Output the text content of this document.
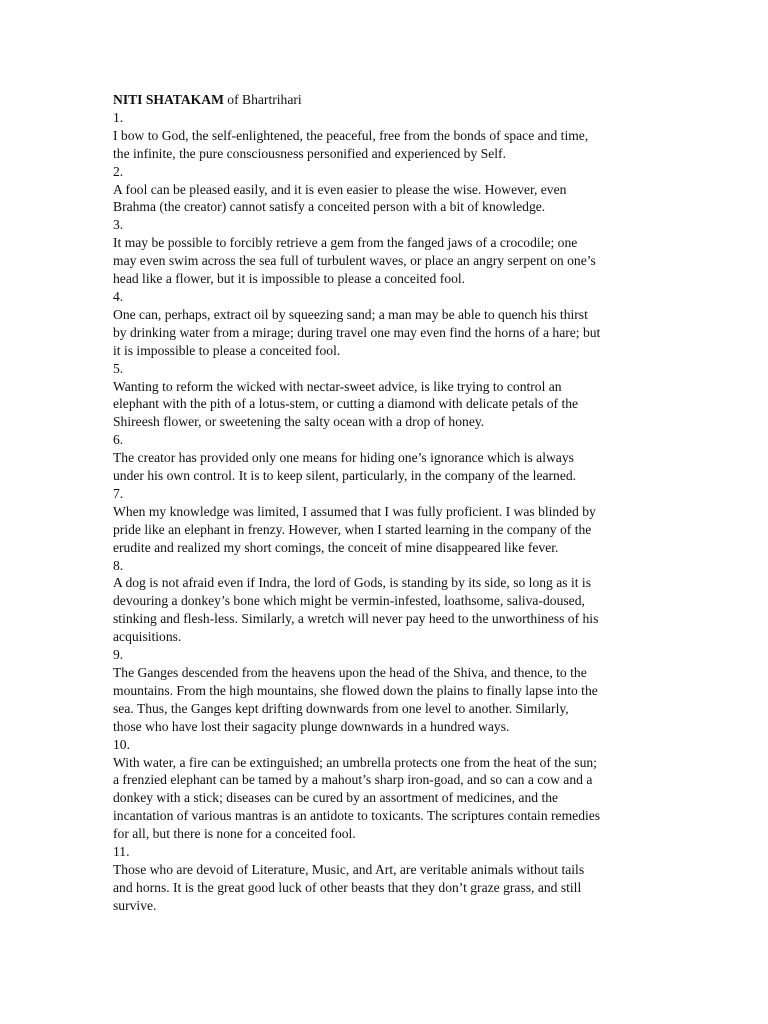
NITI SHATAKAM of Bhartrihari

1.

I bow to God, the self-enlightened, the peaceful, free from the bonds of space and time,

the infinite, the pure consciousness personified and experienced by Self.

2.

A fool can be pleased easily, and it is even easier to please the wise. However, even

Brahma (the creator) cannot satisfy a conceited person with a bit of knowledge.

3.

It may be possible to forcibly retrieve a gem from the fanged jaws of a crocodile; one

may even swim across the sea full of turbulent waves, or place an angry serpent on one’s

head like a flower, but it is impossible to please a conceited fool.

4.

One can, perhaps, extract oil by squeezing sand; a man may be able to quench his thirst

by drinking water from a mirage; during travel one may even find the horns of a hare; but

it is impossible to please a conceited fool.

5.

Wanting to reform the wicked with nectar-sweet advice, is like trying to control an

elephant with the pith of a lotus-stem, or cutting a diamond with delicate petals of the

Shireesh flower, or sweetening the salty ocean with a drop of honey.

6.

The creator has provided only one means for hiding one’s ignorance which is always

under his own control. It is to keep silent, particularly, in the company of the learned.

7.

When my knowledge was limited, I assumed that I was fully proficient. I was blinded by

pride like an elephant in frenzy. However, when I started learning in the company of the

erudite and realized my short comings, the conceit of mine disappeared like fever.

8.

A dog is not afraid even if Indra, the lord of Gods, is standing by its side, so long as it is

devouring a donkey’s bone which might be vermin-infested, loathsome, saliva-doused,

stinking and flesh-less. Similarly, a wretch will never pay heed to the unworthiness of his

acquisitions.

9.

The Ganges descended from the heavens upon the head of the Shiva, and thence, to the

mountains. From the high mountains, she flowed down the plains to finally lapse into the

sea. Thus, the Ganges kept drifting downwards from one level to another. Similarly,

those who have lost their sagacity plunge downwards in a hundred ways.

10.

With water, a fire can be extinguished; an umbrella protects one from the heat of the sun;

a frenzied elephant can be tamed by a mahout’s sharp iron-goad, and so can a cow and a

donkey with a stick; diseases can be cured by an assortment of medicines, and the

incantation of various mantras is an antidote to toxicants. The scriptures contain remedies

for all, but there is none for a conceited fool.

11.

Those who are devoid of Literature, Music, and Art, are veritable animals without tails

and horns. It is the great good luck of other beasts that they don’t graze grass, and still

survive.
